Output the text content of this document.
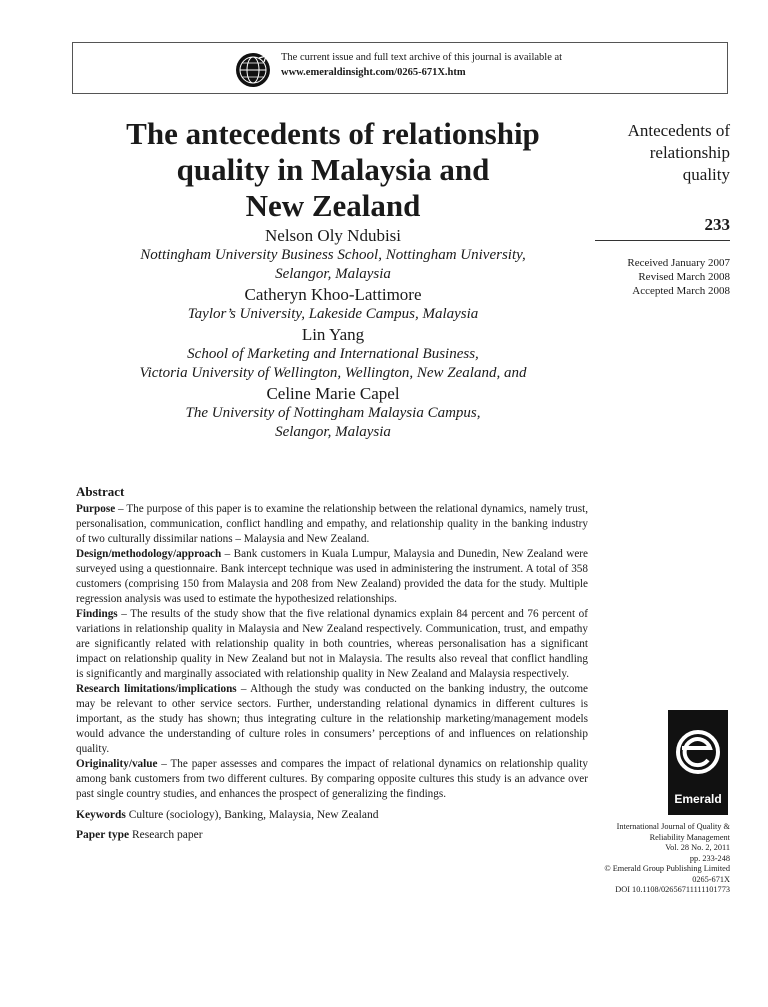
The current issue and full text archive of this journal is available at
www.emeraldinsight.com/0265-671X.htm
The antecedents of relationship
quality in Malaysia and
New Zealand
Nelson Oly Ndubisi
Nottingham University Business School, Nottingham University,
Selangor, Malaysia
Catheryn Khoo-Lattimore
Taylor’s University, Lakeside Campus, Malaysia
Lin Yang
School of Marketing and International Business,
Victoria University of Wellington, Wellington, New Zealand, and
Celine Marie Capel
The University of Nottingham Malaysia Campus,
Selangor, Malaysia
Antecedents of
relationship
quality
233
Received January 2007
Revised March 2008
Accepted March 2008
Abstract

Purpose – The purpose of this paper is to examine the relationship between the relational dynamics, namely trust, personalisation, communication, conflict handling and empathy, and relationship quality in the banking industry of two culturally dissimilar nations – Malaysia and New Zealand.

Design/methodology/approach – Bank customers in Kuala Lumpur, Malaysia and Dunedin, New Zealand were surveyed using a questionnaire. Bank intercept technique was used in administering the instrument. A total of 358 customers (comprising 150 from Malaysia and 208 from New Zealand) provided the data for the study. Multiple regression analysis was used to estimate the hypothesized relationships.

Findings – The results of the study show that the five relational dynamics explain 84 percent and 76 percent of variations in relationship quality in Malaysia and New Zealand respectively. Communication, trust, and empathy are significantly related with relationship quality in both countries, whereas personalisation has a significant impact on relationship quality in New Zealand but not in Malaysia. The results also reveal that conflict handling is significantly and marginally associated with relationship quality in New Zealand and Malaysia respectively.

Research limitations/implications – Although the study was conducted on the banking industry, the outcome may be relevant to other service sectors. Further, understanding relational dynamics in different cultures is important, as the study has shown; thus integrating culture in the relationship marketing/management models would advance the understanding of culture roles in consumers’ perceptions of and influences on relationship quality.

Originality/value – The paper assesses and compares the impact of relational dynamics on relationship quality among bank customers from two different cultures. By comparing opposite cultures this study is an advance over past single country studies, and enhances the prospect of generalizing the findings.

Keywords Culture (sociology), Banking, Malaysia, New Zealand
Paper type Research paper
Emerald
International Journal of Quality &
Reliability Management
Vol. 28 No. 2, 2011
pp. 233-248
© Emerald Group Publishing Limited
0265-671X
DOI 10.1108/02656711111101773
